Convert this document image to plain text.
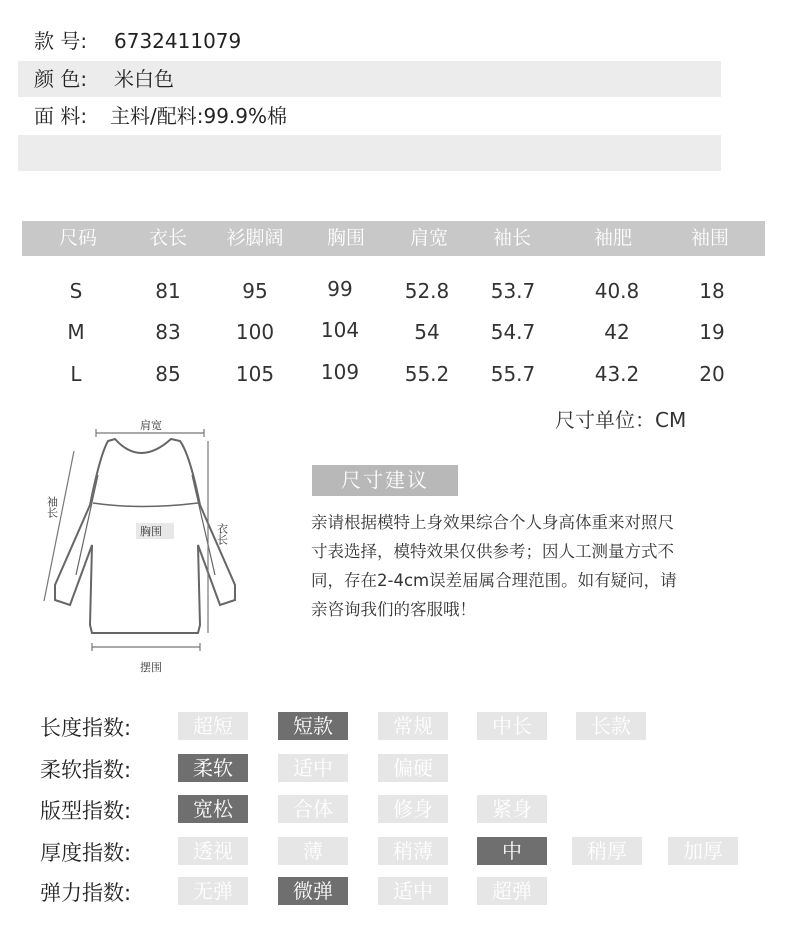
款 号: 6732411079
颜 色: 米白色
面 料: 主料/配料:99.9%棉
尺码	衣长 衫脚阔 胸围 肩宽 袖长	袖肥	袖围
S	81	95	99	52.8 53.7	40.8	18
M	83	100 104	54	54.7	42	19
L	85	105 109 55.2 55.7	43.2	20
尺寸单位：CM
肩宽
胸围
摆围
袖长
衣长
尺寸建议
亲请根据模特上身效果综合个人身高体重来对照尺
寸表选择，模特效果仅供参考；因人工测量方式不
同，存在2-4cm误差届属合理范围。如有疑问，请
亲咨询我们的客服哦！
长度指数:	超短	短款	常规	中长	长款
柔软指数:	柔软	适中	偏硬
版型指数:	宽松	合体	修身	紧身
厚度指数:	透视	薄	稍薄	中	稍厚	加厚
弹力指数:	无弹	微弹	适中	超弹
